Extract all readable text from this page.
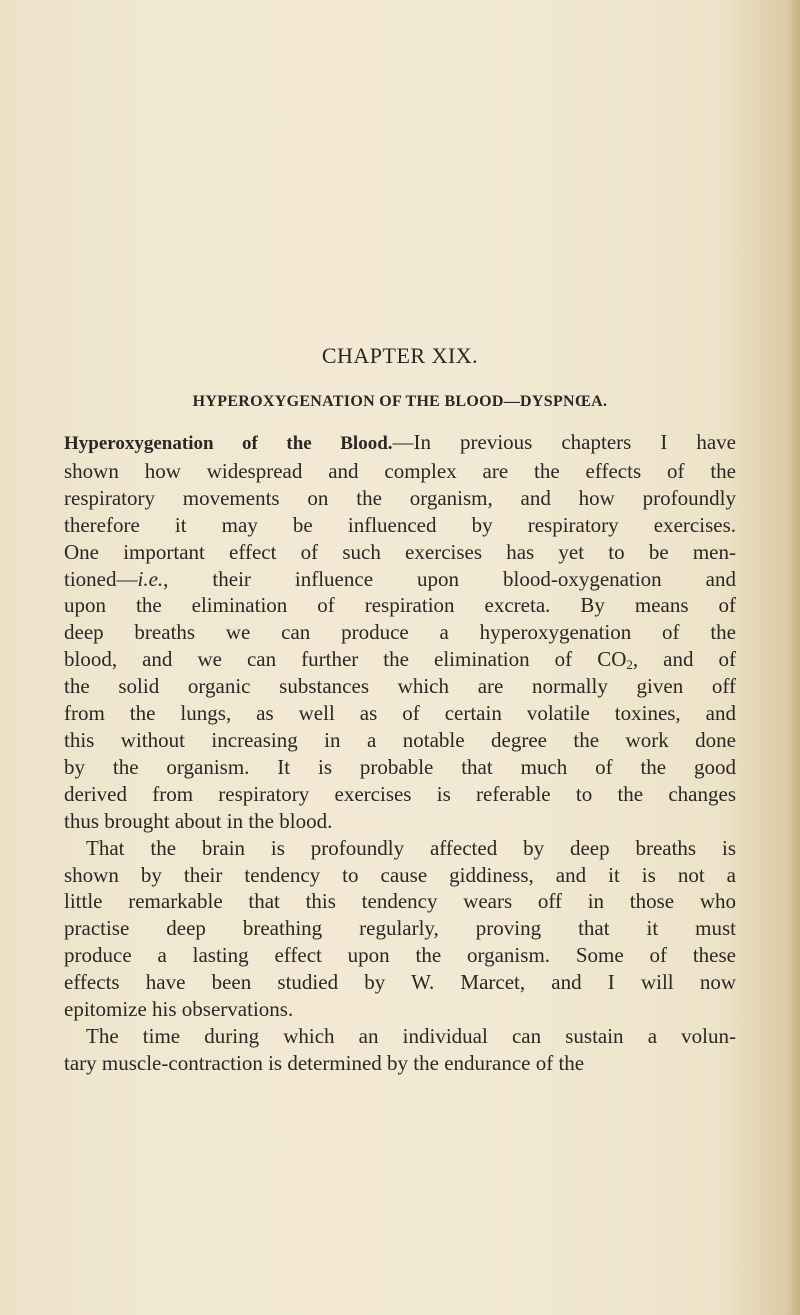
CHAPTER XIX.
HYPEROXYGENATION OF THE BLOOD—DYSPNŒA.

Hyperoxygenation of the Blood.—In previous chapters I have
shown how widespread and complex are the effects of the
respiratory movements on the organism, and how profoundly
therefore it may be influenced by respiratory exercises.
One important effect of such exercises has yet to be men-
tioned—i.e., their influence upon blood-oxygenation and
upon the elimination of respiration excreta. By means of
deep breaths we can produce a hyperoxygenation of the
blood, and we can further the elimination of $CO_2$, and of
the solid organic substances which are normally given off
from the lungs, as well as of certain volatile toxines, and
this without increasing in a notable degree the work done
by the organism. It is probable that much of the good
derived from respiratory exercises is referable to the changes
thus brought about in the blood.

That the brain is profoundly affected by deep breaths is
shown by their tendency to cause giddiness, and it is not a
little remarkable that this tendency wears off in those who
practise deep breathing regularly, proving that it must
produce a lasting effect upon the organism. Some of these
effects have been studied by W. Marcet, and I will now
epitomize his observations.

The time during which an individual can sustain a volun-
tary muscle-contraction is determined by the endurance of the
